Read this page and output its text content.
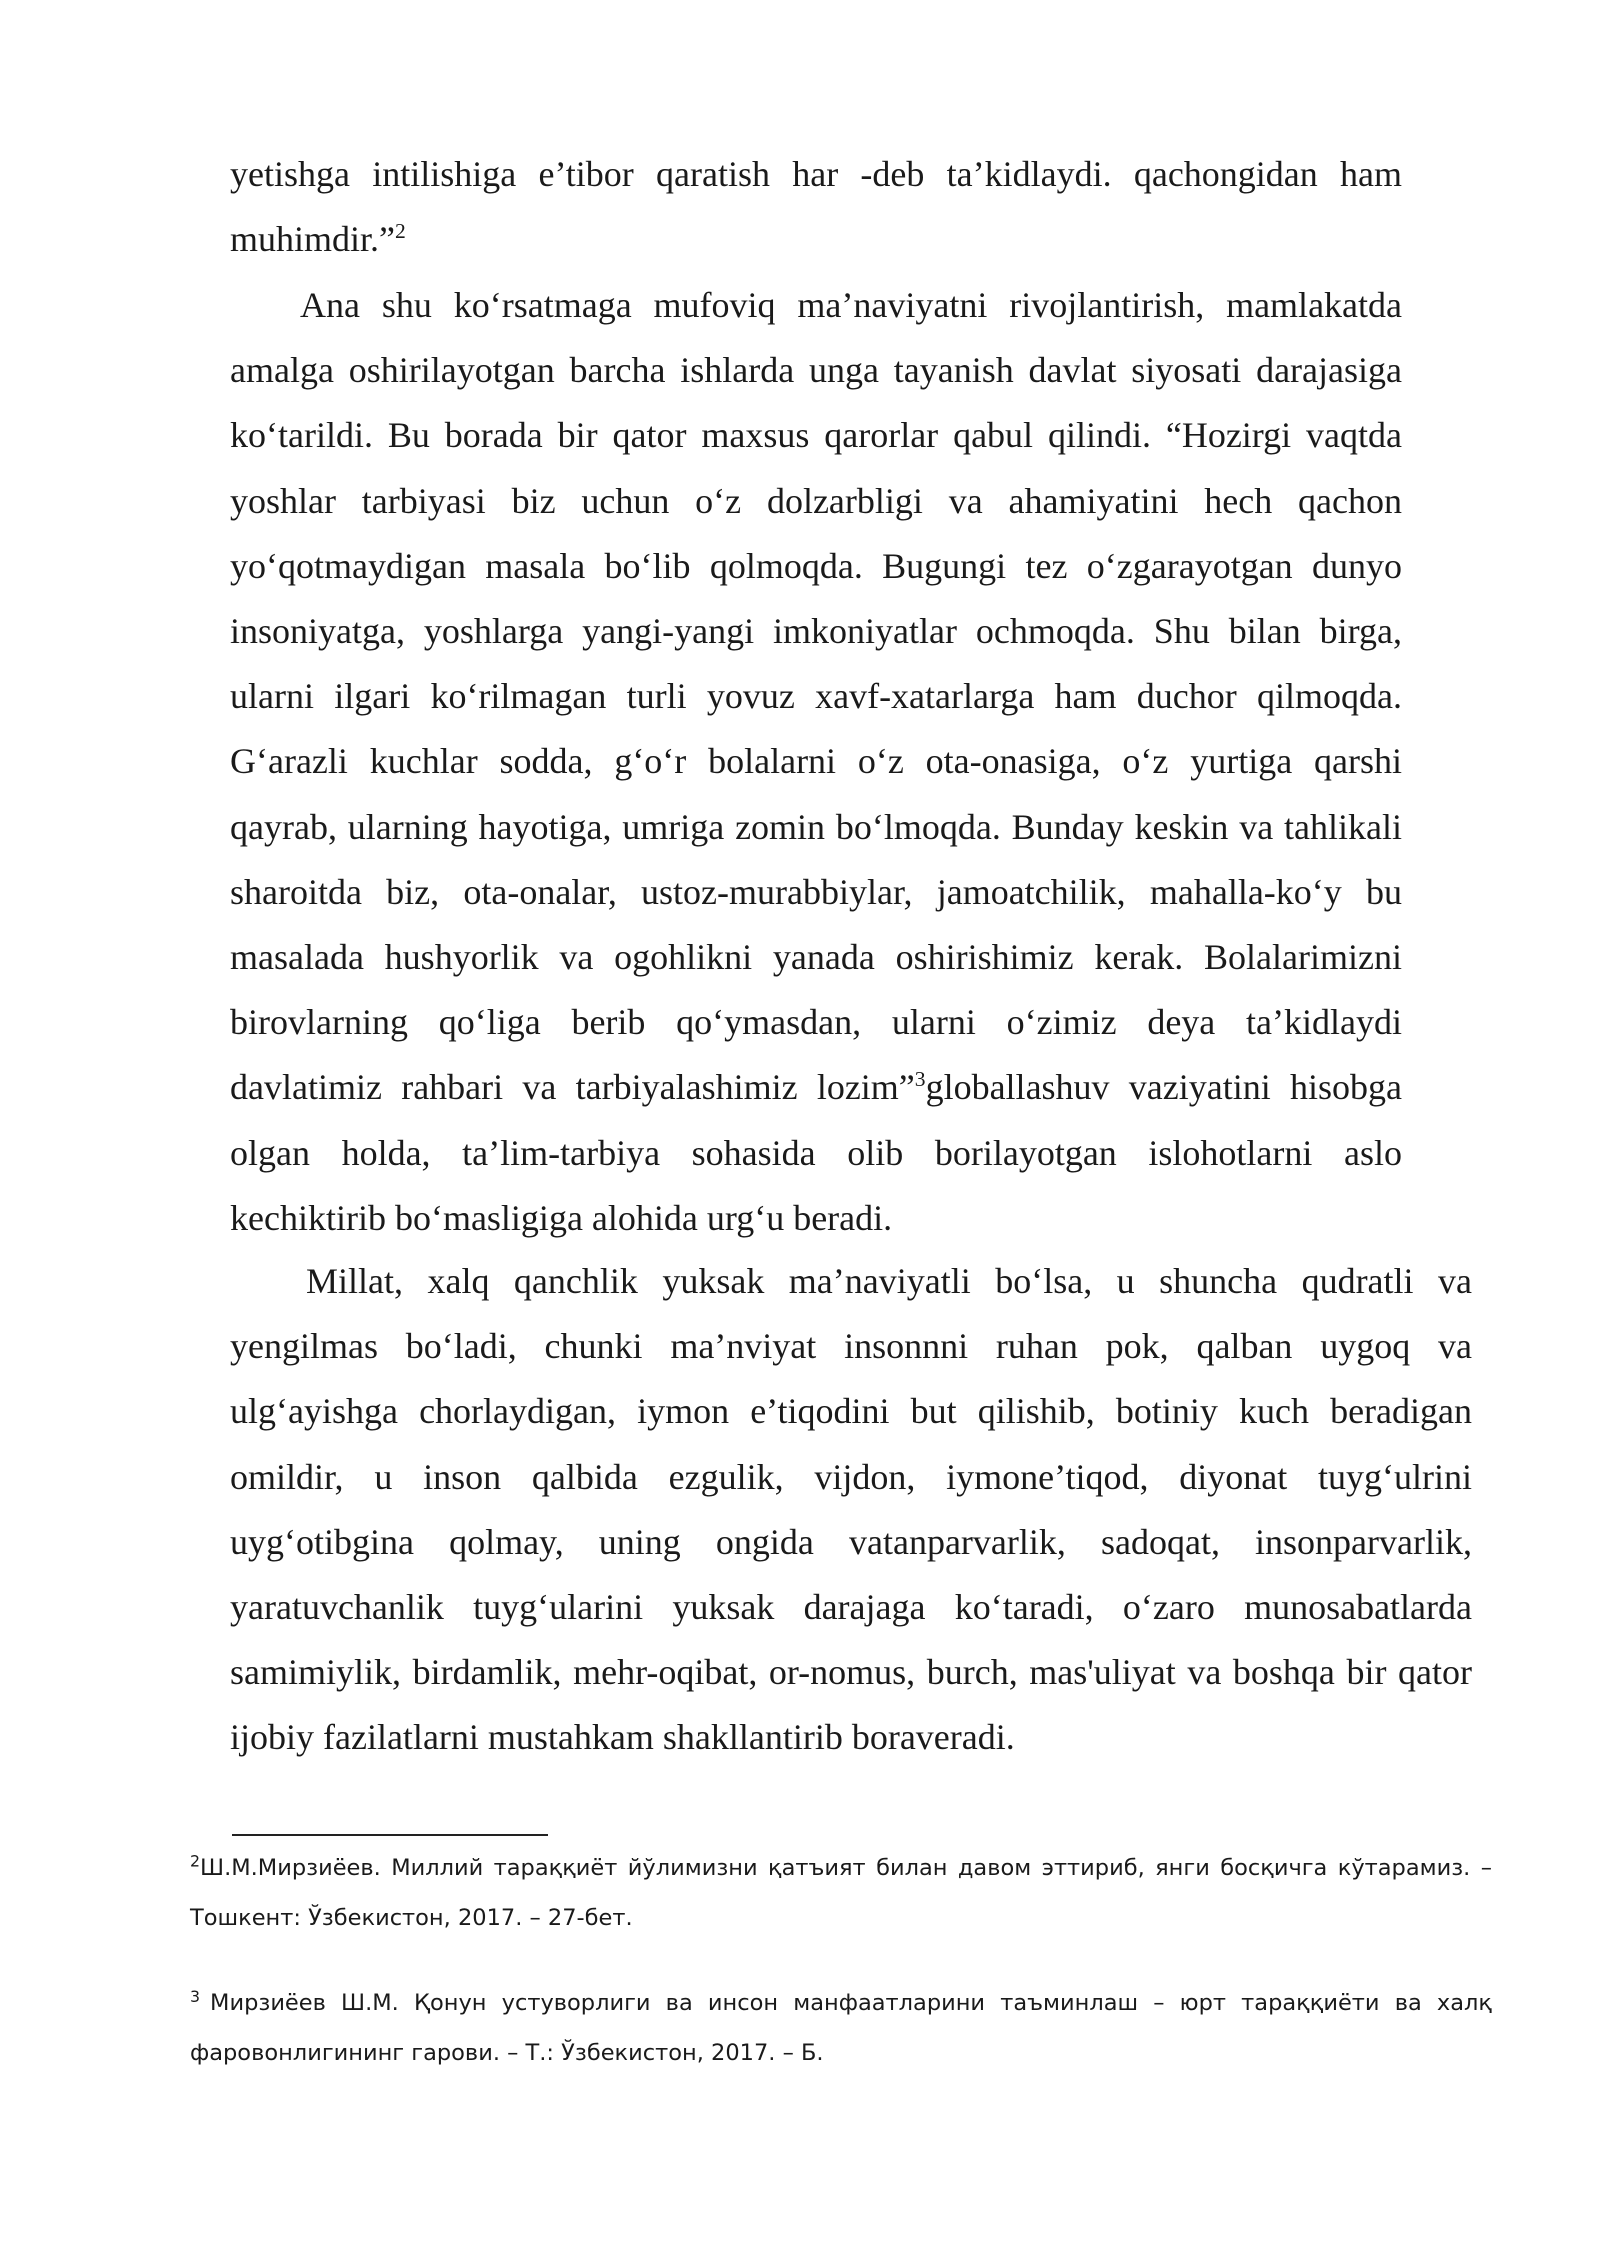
yetishga intilishiga e’tibor qaratish har -deb ta’kidlaydi. qachongidan ham muhimdir.”$^2$

Ana shu ko‘rsatmaga mufoviq ma’naviyatni rivojlantirish, mamlakatda amalga oshirilayotgan barcha ishlarda unga tayanish davlat siyosati darajasiga ko‘tarildi. Bu borada bir qator maxsus qarorlar qabul qilindi. “Hozirgi vaqtda yoshlar tarbiyasi biz uchun o‘z dolzarbligi va ahamiyatini hech qachon yo‘qotmaydigan masala bo‘lib qolmoqda. Bugungi tez o‘zgarayotgan dunyo insoniyatga, yoshlarga yangi-yangi imkoniyatlar ochmoqda. Shu bilan birga, ularni ilgari ko‘rilmagan turli yovuz xavf-xatarlarga ham duchor qilmoqda. G‘arazli kuchlar sodda, g‘o‘r bolalarni o‘z ota-onasiga, o‘z yurtiga qarshi qayrab, ularning hayotiga, umriga zomin bo‘lmoqda. Bunday keskin va tahlikali sharoitda biz, ota-onalar, ustoz-murabbiylar, jamoatchilik, mahalla-ko‘y bu masalada hushyorlik va ogohlikni yanada oshirishimiz kerak. Bolalarimizni birovlarning qo‘liga berib qo‘ymasdan, ularni o‘zimiz deya ta’kidlaydi davlatimiz rahbari va tarbiyalashimiz lozim”$^3$globallashuv vaziyatini hisobga olgan holda, ta’lim-tarbiya sohasida olib borilayotgan islohotlarni aslo kechiktirib bo‘masligiga alohida urg‘u beradi.

Millat, xalq qanchlik yuksak ma’naviyatli bo‘lsa, u shuncha qudratli va yengilmas bo‘ladi, chunki ma’nviyat insonnni ruhan pok, qalban uygoq va ulg‘ayishga chorlaydigan, iymon e’tiqodini but qilishib, botiniy kuch beradigan omildir, u inson qalbida ezgulik, vijdon, iymone’tiqod, diyonat tuyg‘ulrini uyg‘otibgina qolmay, uning ongida vatanparvarlik, sadoqat, insonparvarlik, yaratuvchanlik tuyg‘ularini yuksak darajaga ko‘taradi, o‘zaro munosabatlarda samimiylik, birdamlik, mehr-oqibat, or-nomus, burch, mas'uliyat va boshqa bir qator ijobiy fazilatlarni mustahkam shakllantirib boraveradi.

$^2$Ш.М.Мирзиёев. Миллий тараққиёт йўлимизни қатъият билан давом эттириб, янги босқичга кўтарамиз. – Тошкент: Ўзбекистон, 2017. – 27-бет.

$^3$ Мирзиёев Ш.М. Қонун устуворлиги ва инсон манфаатларини таъминлаш – юрт тараққиёти ва халқ фаровонлигининг гарови. – Т.: Ўзбекистон, 2017. – Б.
